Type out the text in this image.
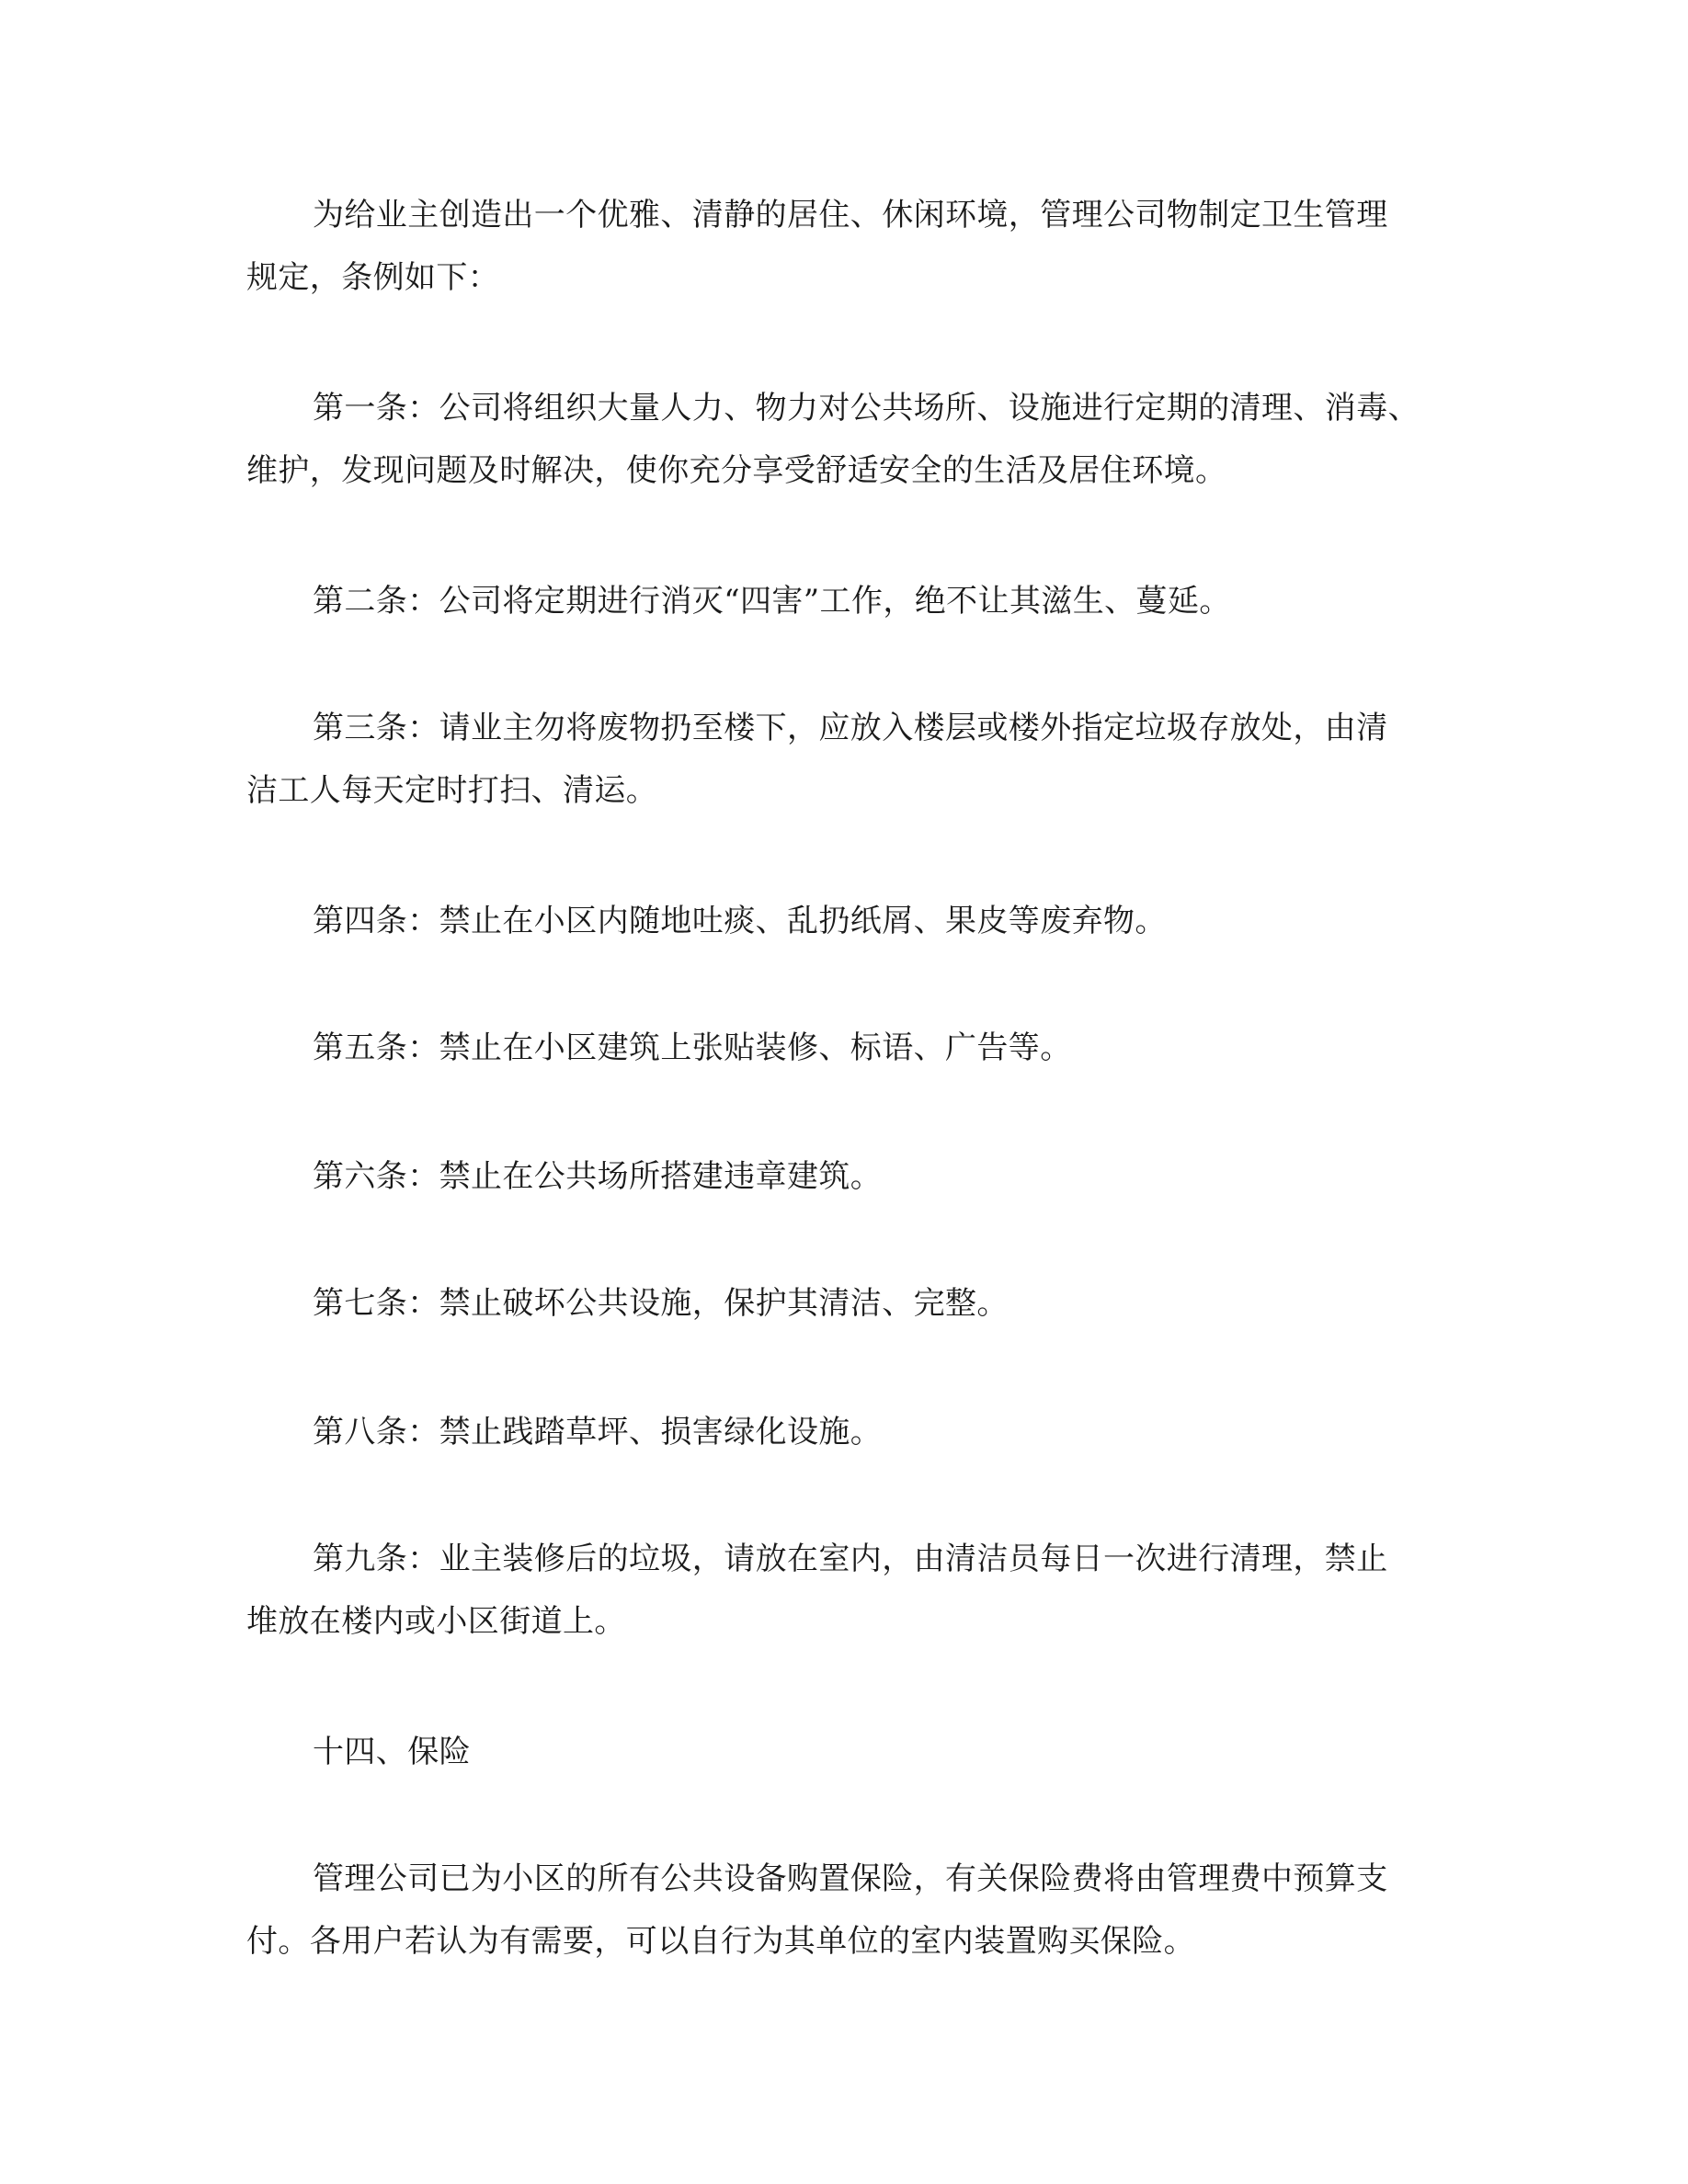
为给业主创造出一个优雅、清静的居住、休闲环境，管理公司物制定卫生管理
规定，条例如下：
第一条：公司将组织大量人力、物力对公共场所、设施进行定期的清理、消毒、
维护，发现问题及时解决，使你充分享受舒适安全的生活及居住环境。
第二条：公司将定期进行消灭“四害”工作，绝不让其滋生、蔓延。
第三条：请业主勿将废物扔至楼下，应放入楼层或楼外指定垃圾存放处，由清
洁工人每天定时打扫、清运。
第四条：禁止在小区内随地吐痰、乱扔纸屑、果皮等废弃物。
第五条：禁止在小区建筑上张贴装修、标语、广告等。
第六条：禁止在公共场所搭建违章建筑。
第七条：禁止破坏公共设施，保护其清洁、完整。
第八条：禁止践踏草坪、损害绿化设施。
第九条：业主装修后的垃圾，请放在室内，由清洁员每日一次进行清理，禁止
堆放在楼内或小区街道上。
十四、保险
管理公司已为小区的所有公共设备购置保险，有关保险费将由管理费中预算支
付。各用户若认为有需要，可以自行为其单位的室内装置购买保险。
